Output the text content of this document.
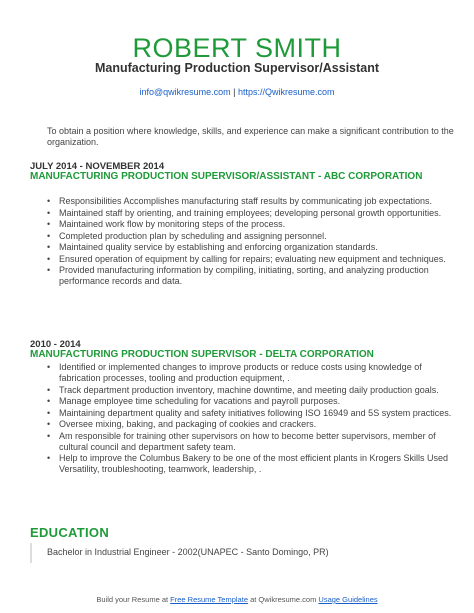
ROBERT SMITH
Manufacturing Production Supervisor/Assistant
info@qwikresume.com | https://Qwikresume.com
To obtain a position where knowledge, skills, and experience can make a significant contribution to the organization.
JULY 2014 - NOVEMBER 2014
MANUFACTURING PRODUCTION SUPERVISOR/ASSISTANT - ABC CORPORATION
• Responsibilities Accomplishes manufacturing staff results by communicating job expectations.
• Maintained staff by orienting, and training employees; developing personal growth opportunities.
• Maintained work flow by monitoring steps of the process.
• Completed production plan by scheduling and assigning personnel.
• Maintained quality service by establishing and enforcing organization standards.
• Ensured operation of equipment by calling for repairs; evaluating new equipment and techniques.
• Provided manufacturing information by compiling, initiating, sorting, and analyzing production performance records and data.
2010 - 2014
MANUFACTURING PRODUCTION SUPERVISOR - DELTA CORPORATION
• Identified or implemented changes to improve products or reduce costs using knowledge of fabrication processes, tooling and production equipment, .
• Track department production inventory, machine downtime, and meeting daily production goals.
• Manage employee time scheduling for vacations and payroll purposes.
• Maintaining department quality and safety initiatives following ISO 16949 and 5S system practices.
• Oversee mixing, baking, and packaging of cookies and crackers.
• Am responsible for training other supervisors on how to become better supervisors, member of cultural council and department safety team.
• Help to improve the Columbus Bakery to be one of the most efficient plants in Krogers Skills Used Versatility, troubleshooting, teamwork, leadership, .
EDUCATION
Bachelor in Industrial Engineer - 2002(UNAPEC - Santo Domingo, PR)
Build your Resume at Free Resume Template at Qwikresume.com Usage Guidelines
